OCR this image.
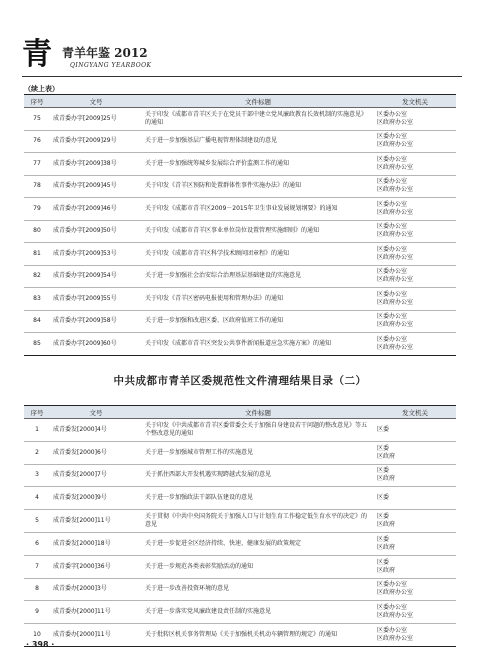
青 青羊年鉴 2012
QINGYANG YEARBOOK
（续上表）
序号	文号	文件标题	发文机关
75	成青委办字[2009]25号	关于印发《成都市青羊区关于在党员干部中建立党风廉政教育长效机制的实施意见》的通知	区委办公室
区政府办公室
76	成青委办字[2009]29号	关于进一步加强基层广播电视管理体制建设的意见	区委办公室
区政府办公室
77	成青委办字[2009]38号	关于进一步加强统筹城乡发展综合评价监测工作的通知	区委办公室
区政府办公室
78	成青委办字[2009]45号	关于印发《青羊区预防和处置群体性事件实施办法》的通知	区委办公室
区政府办公室
79	成青委办字[2009]46号	关于印发《成都市青羊区2009－2015年卫生事业发展规划纲要》的通知	区委办公室
区政府办公室
80	成青委办字[2009]50号	关于印发《成都市青羊区事业单位岗位设置管理实施细则》的通知	区委办公室
区政府办公室
81	成青委办字[2009]53号	关于印发《成都市青羊区科学技术顾问团章程》的通知	区委办公室
区政府办公室
82	成青委办字[2009]54号	关于进一步加强社会治安综合治理基层基础建设的实施意见	区委办公室
区政府办公室
83	成青委办字[2009]55号	关于印发《青羊区密码电报使用和管理办法》的通知	区委办公室
区政府办公室
84	成青委办字[2009]58号	关于进一步加强和改进区委、区政府值班工作的通知	区委办公室
区政府办公室
85	成青委办字[2009]60号	关于印发《成都市青羊区突发公共事件新闻报道应急实施方案》的通知	区委办公室
区政府办公室
中共成都市青羊区委规范性文件清理结果目录（二）
序号	文号	文件标题	发文机关
1	成青委发[2000]4号	关于印发《中共成都市青羊区委常委会关于加强自身建设若干问题的整改意见》等五个整改意见的通知	区委
2	成青委发[2000]6号	关于进一步加强城市管理工作的实施意见	区委
区政府
3	成青委发[2000]7号	关于抓住西部大开发机遇实现跨越式发展的意见	区委
区政府
4	成青委发[2000]9号	关于进一步加强政法干部队伍建设的意见	区委
5	成青委发[2000]11号	关于贯彻《中共中央国务院关于加强人口与计划生育工作稳定低生育水平的决定》的意见	区委
区政府
6	成青委发[2000]18号	关于进一步促进全区经济持续、快速、健康发展的政策规定	区委
区政府
7	成青委字[2000]36号	关于进一步规范各类表彰奖励活动的通知	区委
区政府
8	成青委办[2000]3号	关于进一步改善投资环境的意见	区委办公室
区政府办公室
9	成青委办[2000]11号	关于进一步落实党风廉政建设责任制的实施意见	区委办公室
区政府办公室
10	成青委办[2000]11号	关于批转区机关事务管理局《关于加强机关机动车辆管理的规定》的通知	区委办公室
区政府办公室
· 398 ·
